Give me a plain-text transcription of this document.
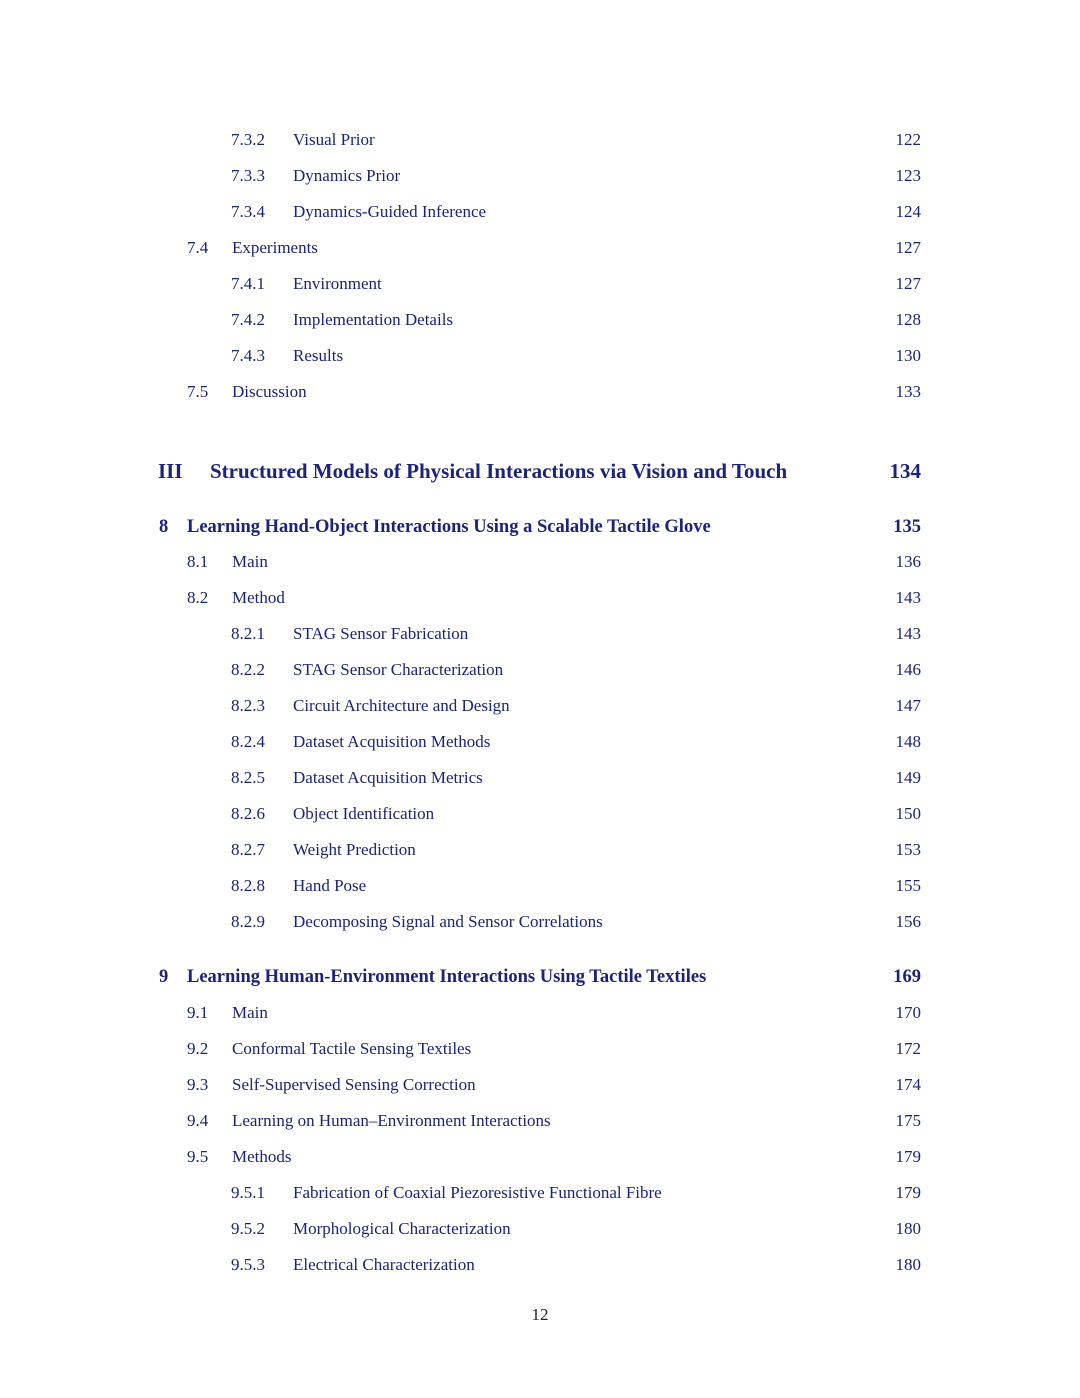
7.3.2 Visual Prior	122
7.3.3 Dynamics Prior	123
7.3.4 Dynamics-Guided Inference	124
7.4 Experiments	127
7.4.1 Environment	127
7.4.2 Implementation Details	128
7.4.3 Results	130
7.5 Discussion	133
III Structured Models of Physical Interactions via Vision and Touch	134
8 Learning Hand-Object Interactions Using a Scalable Tactile Glove	135
8.1 Main	136
8.2 Method	143
8.2.1 STAG Sensor Fabrication	143
8.2.2 STAG Sensor Characterization	146
8.2.3 Circuit Architecture and Design	147
8.2.4 Dataset Acquisition Methods	148
8.2.5 Dataset Acquisition Metrics	149
8.2.6 Object Identification	150
8.2.7 Weight Prediction	153
8.2.8 Hand Pose	155
8.2.9 Decomposing Signal and Sensor Correlations	156
9 Learning Human-Environment Interactions Using Tactile Textiles	169
9.1 Main	170
9.2 Conformal Tactile Sensing Textiles	172
9.3 Self-Supervised Sensing Correction	174
9.4 Learning on Human–Environment Interactions	175
9.5 Methods	179
9.5.1 Fabrication of Coaxial Piezoresistive Functional Fibre	179
9.5.2 Morphological Characterization	180
9.5.3 Electrical Characterization	180
12
